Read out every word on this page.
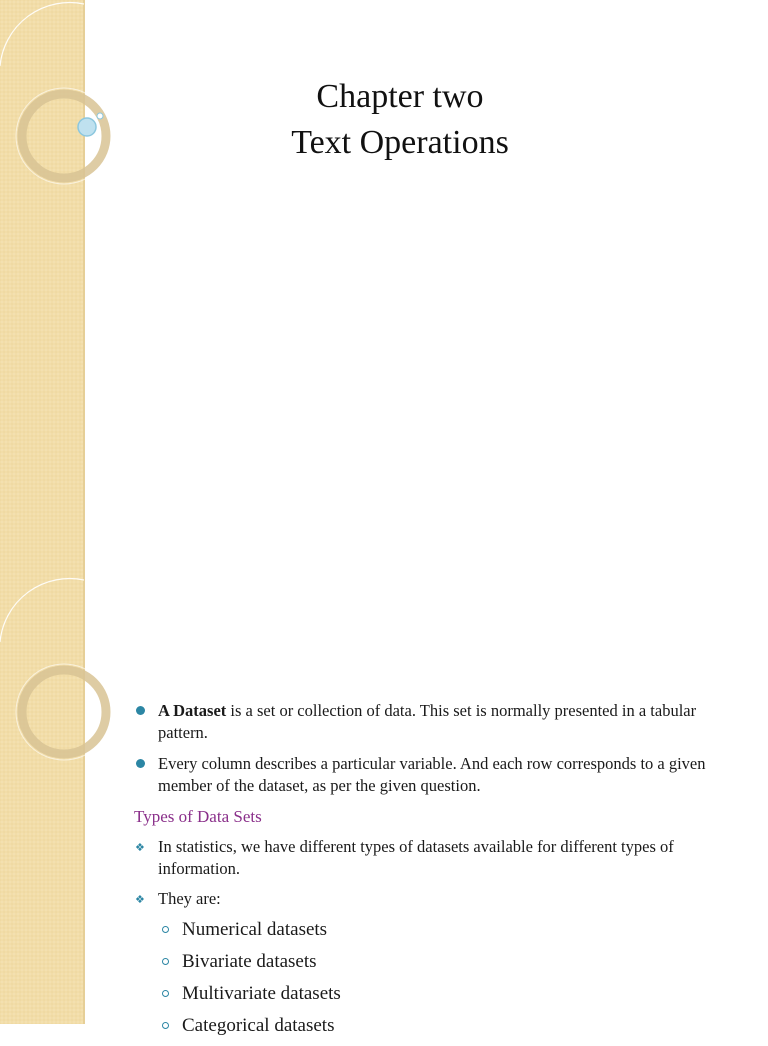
Chapter two
Text Operations
A Dataset is a set or collection of data. This set is normally presented in a tabular pattern.
Every column describes a particular variable. And each row corresponds to a given member of the dataset, as per the given question.
Types of Data Sets
❖ In statistics, we have different types of datasets available for different types of information.
❖ They are:
Numerical datasets
Bivariate datasets
Multivariate datasets
Categorical datasets
